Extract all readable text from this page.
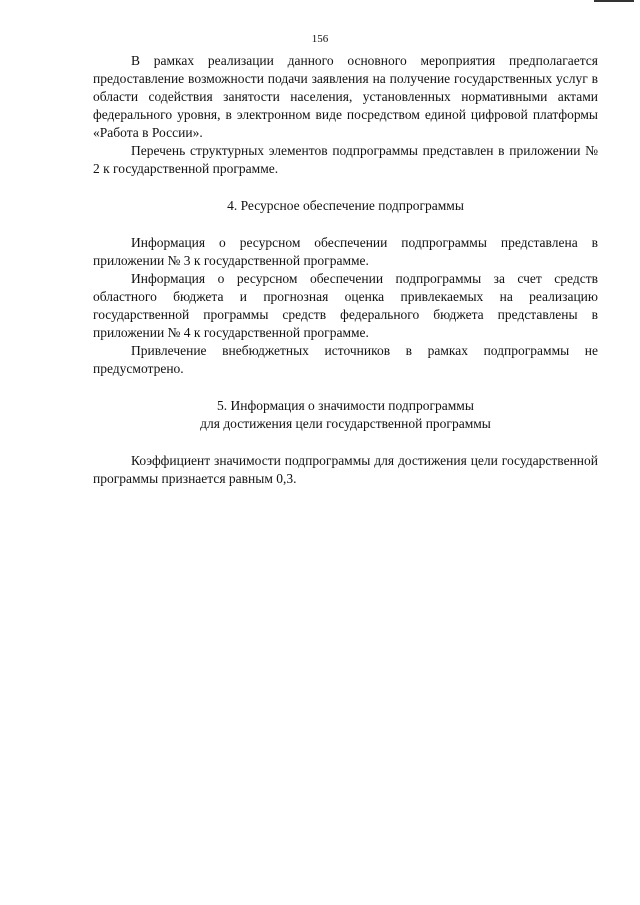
156

В рамках реализации данного основного мероприятия предполагается предоставление возможности подачи заявления на получение государственных услуг в области содействия занятости населения, установленных нормативными актами федерального уровня, в электронном виде посредством единой цифровой платформы «Работа в России».

Перечень структурных элементов подпрограммы представлен в приложении № 2 к государственной программе.

4. Ресурсное обеспечение подпрограммы

Информация о ресурсном обеспечении подпрограммы представлена в приложении № 3 к государственной программе.

Информация о ресурсном обеспечении подпрограммы за счет средств областного бюджета и прогнозная оценка привлекаемых на реализацию государственной программы средств федерального бюджета представлены в приложении № 4 к государственной программе.

Привлечение внебюджетных источников в рамках подпрограммы не предусмотрено.

5. Информация о значимости подпрограммы

для достижения цели государственной программы

Коэффициент значимости подпрограммы для достижения цели государственной программы признается равным 0,3.
